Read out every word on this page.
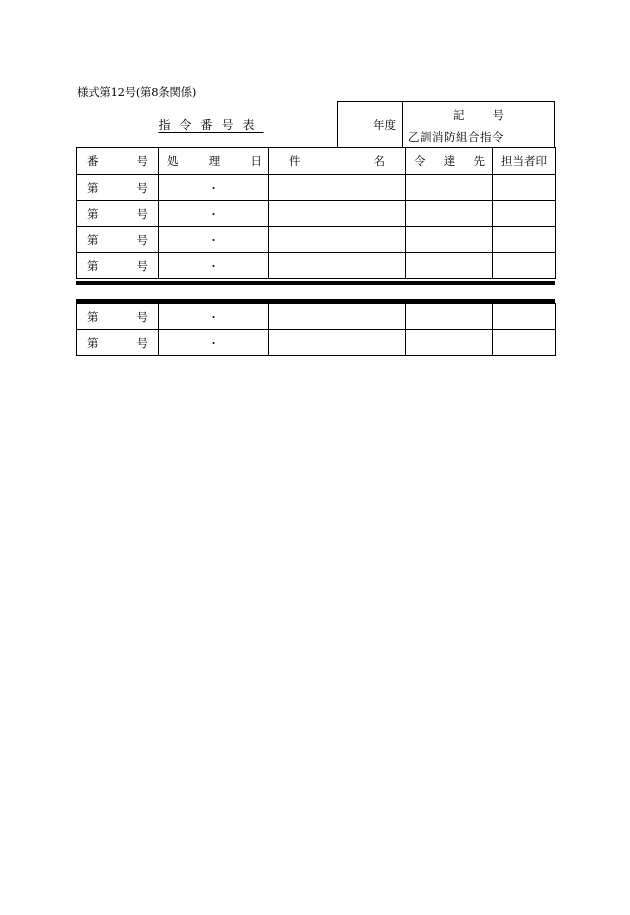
様式第12号(第8条関係)
指令番号表	年度
記号
乙訓消防組合指令
番 号	処 理 日	件 名	令 達 先	担当者印

第 号	・			

第 号	・			

第 号	・			

第 号	・			
第 号	・			

第 号	・			
